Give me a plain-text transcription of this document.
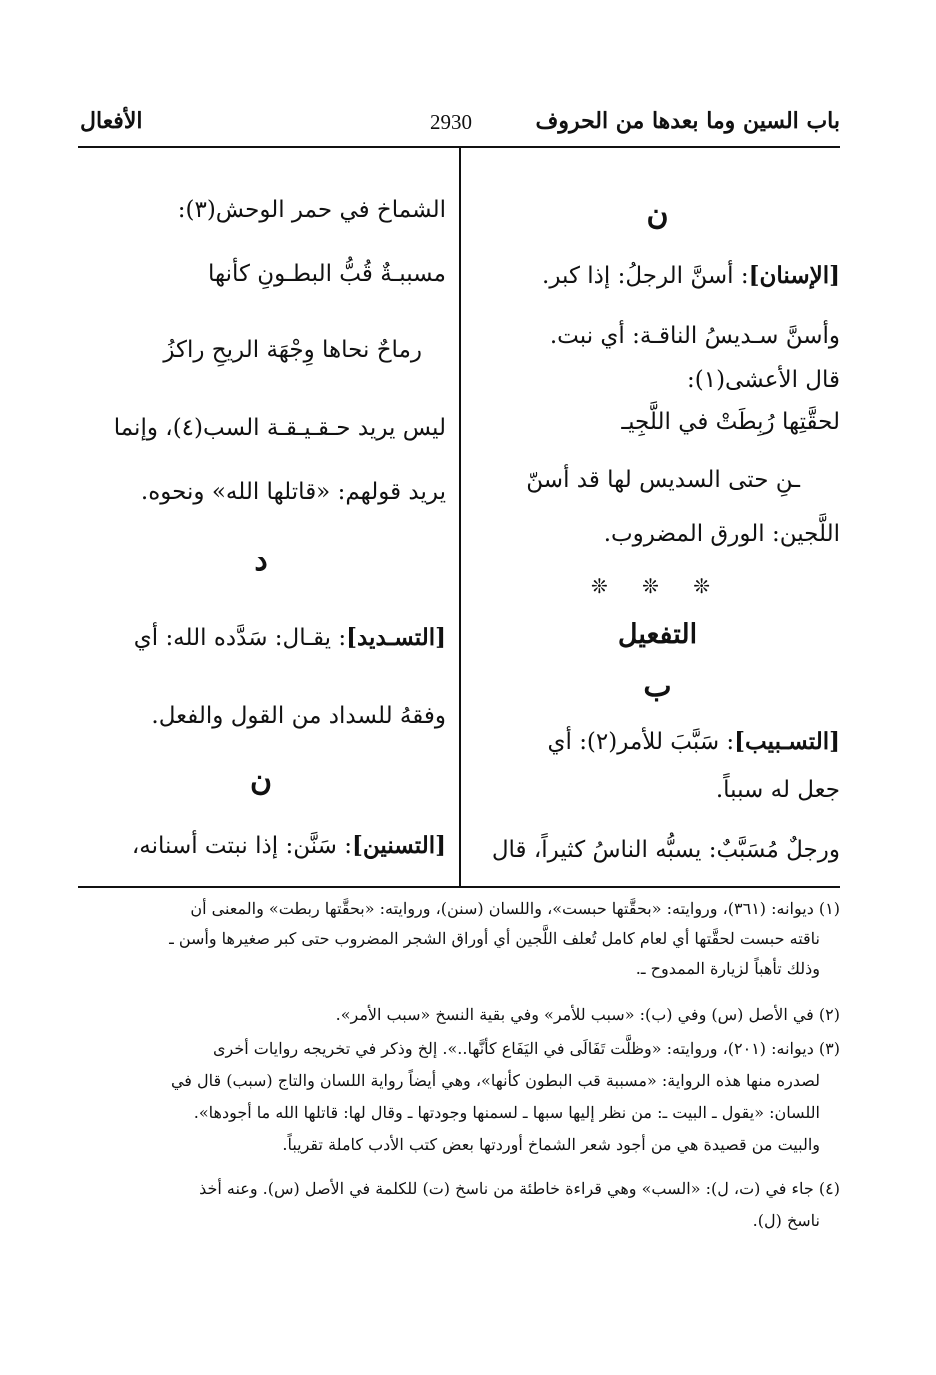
باب السين وما بعدها من الحروف
2930
الأفعال
ن
[الإسنان]: أسنَّ الرجلُ: إذا كبر.
وأسنَّ سـديسُ الناقـة: أي نبت.
قال الأعشى(١):
لحقَّتِها رُبِطَتْ في اللَّجِيـ
ـنِ حتى السديس لها قد أسنّ
اللَّجين: الورق المضروب.
❊ ❊ ❊
التفعيل
ب
[التسـبيب]: سَبَّبَ للأمر(٢): أي
جعل له سبباً.
ورجلٌ مُسَبَّبٌ: يسبُّه الناسُ كثيراً، قال
الشماخ في حمر الوحش(٣):
مسببـةٌ قُبُّ البطـونِ كأنها
رماحٌ نحاها وِجْهَة الريحِ راكزُ
ليس يريد حـقـيـقـة السب(٤)، وإنما
يريد قولهم: «قاتلها الله» ونحوه.
د
[التسـديد]: يقـال: سَدَّده الله: أي
وفقهُ للسداد من القول والفعل.
ن
[التسنين]: سَنَّن: إذا نبتت أسنانه،
(١) ديوانه: (٣٦١)، وروايته: «بحقَّتها حبست»، واللسان (سنن)، وروايته: «بحقَّتها ربطت» والمعنى أن
ناقته حبست لحقَّتها أي لعام كامل تُعلف اللَّجين أي أوراق الشجر المضروب حتى كبر صغيرها وأسن ـ
وذلك تأهباً لزيارة الممدوح ـ.
(٢) في الأصل (س) وفي (ب): «سبب للأمر» وفي بقية النسخ «سبب الأمر».
(٣) ديوانه: (٢٠١)، وروايته: «وظلَّت تَفَالَى في اليَفَاع كأنَّها..». إلخ وذكر في تخريجه روايات أخرى
لصدره منها هذه الرواية: «مسببة قب البطون كأنها»، وهي أيضاً رواية اللسان والتاج (سبب) قال في
اللسان: «يقول ـ البيت ـ: من نظر إليها سبها ـ لسمنها وجودتها ـ وقال لها: قاتلها الله ما أجودها».
والبيت من قصيدة هي من أجود شعر الشماخ أوردتها بعض كتب الأدب كاملة تقريباً.
(٤) جاء في (ت، ل): «السب» وهي قراءة خاطئة من ناسخ (ت) للكلمة في الأصل (س). وعنه أخذ
ناسخ (ل).
